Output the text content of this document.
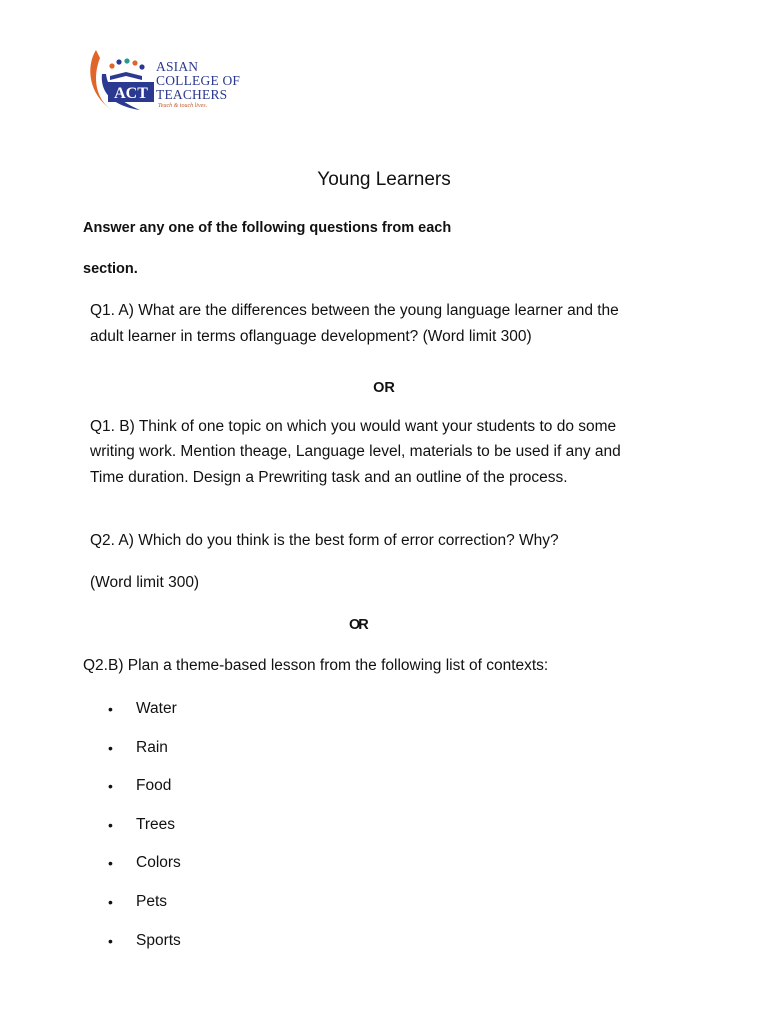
ACT
ASIAN
COLLEGE OF
TEACHERS
Teach & touch lives.
Young Learners
Answer any one of the following questions from each
section.
Q1. A) What are the differences between the young language learner and the
adult learner in terms oflanguage development? (Word limit 300)
OR
Q1. B) Think of one topic on which you would want your students to do some
writing work. Mention theage, Language level, materials to be used if any and
Time duration. Design a Prewriting task and an outline of the process.
Q2. A) Which do you think is the best form of error correction? Why?
(Word limit 300)
OR
Q2.B) Plan a theme-based lesson from the following list of contexts:
•	Water
•	Rain
•	Food
•	Trees
•	Colors
•	Pets
•	Sports
